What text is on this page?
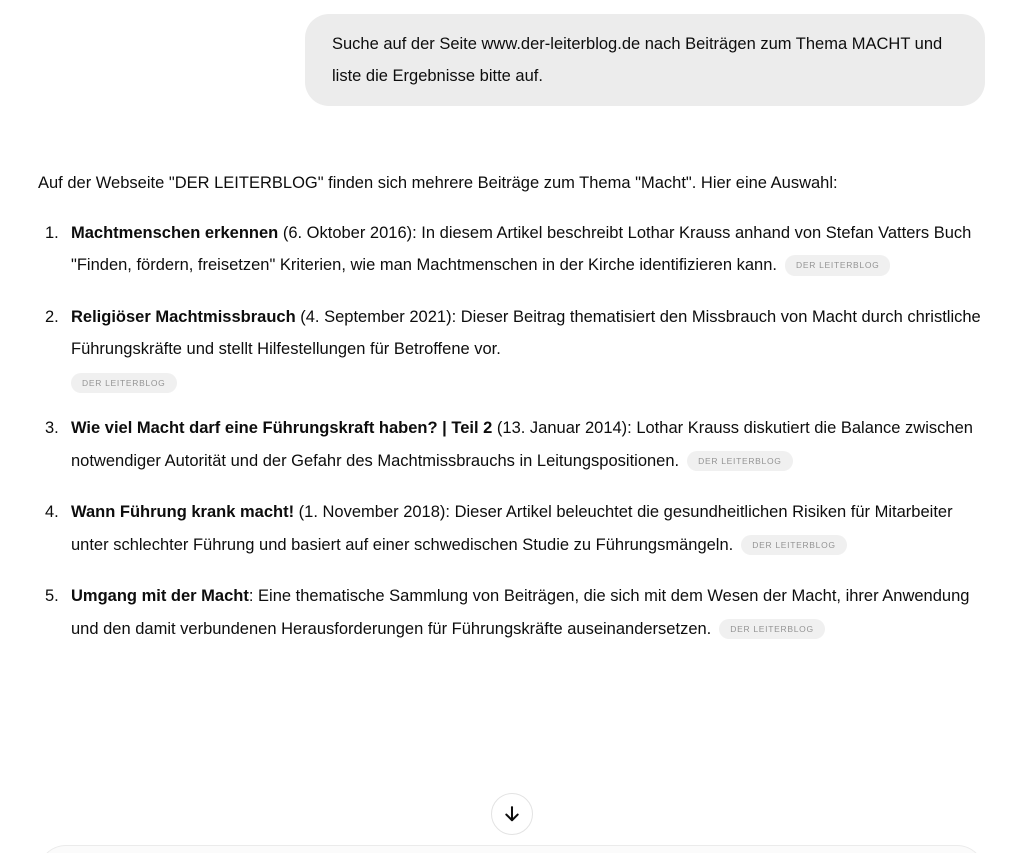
Suche auf der Seite www.der-leiterblog.de nach Beiträgen zum Thema MACHT und liste die Ergebnisse bitte auf.

Auf der Webseite "DER LEITERBLOG" finden sich mehrere Beiträge zum Thema "Macht". Hier eine Auswahl:

1. Machtmenschen erkennen (6. Oktober 2016): In diesem Artikel beschreibt Lothar Krauss anhand von Stefan Vatters Buch "Finden, fördern, freisetzen" Kriterien, wie man Machtmenschen in der Kirche identifizieren kann. DER LEITERBLOG
2. Religiöser Machtmissbrauch (4. September 2021): Dieser Beitrag thematisiert den Missbrauch von Macht durch christliche Führungskräfte und stellt Hilfestellungen für Betroffene vor.
DER LEITERBLOG
3. Wie viel Macht darf eine Führungskraft haben? | Teil 2 (13. Januar 2014): Lothar Krauss diskutiert die Balance zwischen notwendiger Autorität und der Gefahr des Machtmissbrauchs in Leitungspositionen. DER LEITERBLOG
4. Wann Führung krank macht! (1. November 2018): Dieser Artikel beleuchtet die gesundheitlichen Risiken für Mitarbeiter unter schlechter Führung und basiert auf einer schwedischen Studie zu Führungsmängeln. DER LEITERBLOG
5. Umgang mit der Macht: Eine thematische Sammlung von Beiträgen, die sich mit dem Wesen der Macht, ihrer Anwendung und den damit verbundenen Herausforderungen für Führungskräfte auseinandersetzen. DER LEITERBLOG
